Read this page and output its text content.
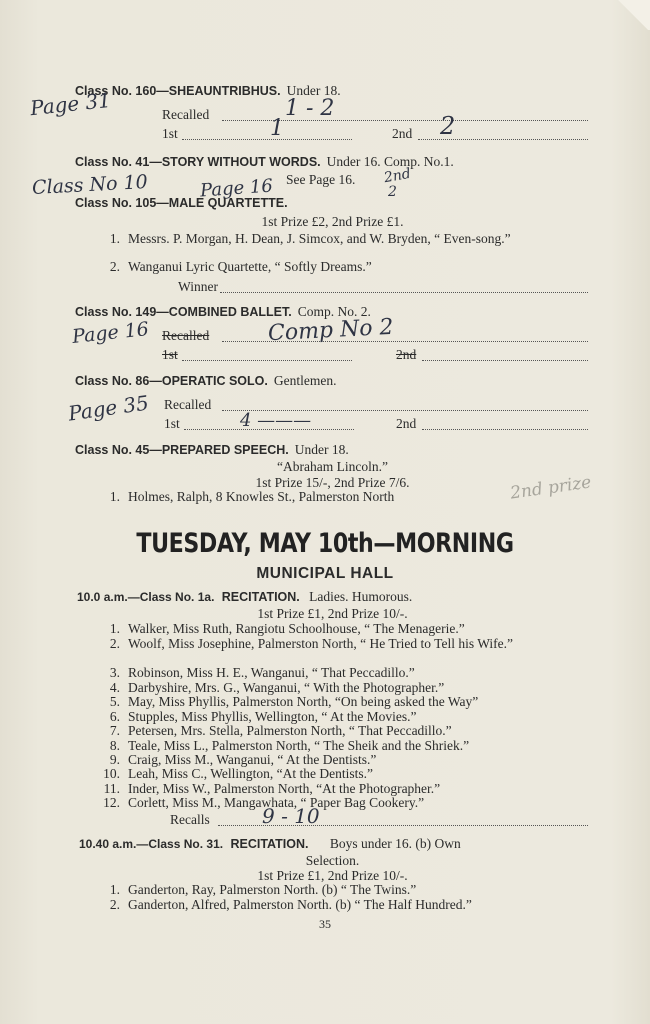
Class No. 160—SHEAUNTRIBHUS. Under 18.
Page 31	Recalled	1 - 2
1st	1	2nd 2
Class No. 41—STORY WITHOUT WORDS. Under 16. Comp. No.1.
Class No 10	Page 16 See Page 16. 2nd
2
Class No. 105—MALE QUARTETTE.
1st Prize £2, 2nd Prize £1.
1. Messrs. P. Morgan, H. Dean, J. Simcox, and W. Bryden, “ Even-song.”
2. Wanganui Lyric Quartette, “ Softly Dreams.”
Winner
Class No. 149—COMBINED BALLET. Comp. No. 2.
Page 16 Recalled	Comp No 2
1st	2nd
Class No. 86—OPERATIC SOLO. Gentlemen.
Page 35 Recalled
1st	4 ———	2nd
Class No. 45—PREPARED SPEECH. Under 18.
“Abraham Lincoln.”
1st Prize 15/-, 2nd Prize 7/6.
1. Holmes, Ralph, 8 Knowles St., Palmerston North	2nd prize
TUESDAY, MAY 10th—MORNING
MUNICIPAL HALL
10.0 a.m.—Class No. 1a. RECITATION. Ladies. Humorous.
1st Prize £1, 2nd Prize 10/-.
1. Walker, Miss Ruth, Rangiotu Schoolhouse, “ The Menagerie.”
2. Woolf, Miss Josephine, Palmerston North, “ He Tried to Tell his Wife.”
3. Robinson, Miss H. E., Wanganui, “ That Peccadillo.”
4. Darbyshire, Mrs. G., Wanganui, “ With the Photographer.”
5. May, Miss Phyllis, Palmerston North, “On being asked the Way”
6. Stupples, Miss Phyllis, Wellington, “ At the Movies.”
7. Petersen, Mrs. Stella, Palmerston North, “ That Peccadillo.”
8. Teale, Miss L., Palmerston North, “ The Sheik and the Shriek.”
9. Craig, Miss M., Wanganui, “ At the Dentists.”
10. Leah, Miss C., Wellington, “At the Dentists.”
11. Inder, Miss W., Palmerston North, “At the Photographer.”
12. Corlett, Miss M., Mangawhata, “ Paper Bag Cookery.”
Recalls	9 - 10
10.40 a.m.—Class No. 31. RECITATION. Boys under 16. (b) Own
Selection.
1st Prize £1, 2nd Prize 10/-.
1. Ganderton, Ray, Palmerston North. (b) “ The Twins.”
2. Ganderton, Alfred, Palmerston North. (b) “ The Half Hundred.”
35
